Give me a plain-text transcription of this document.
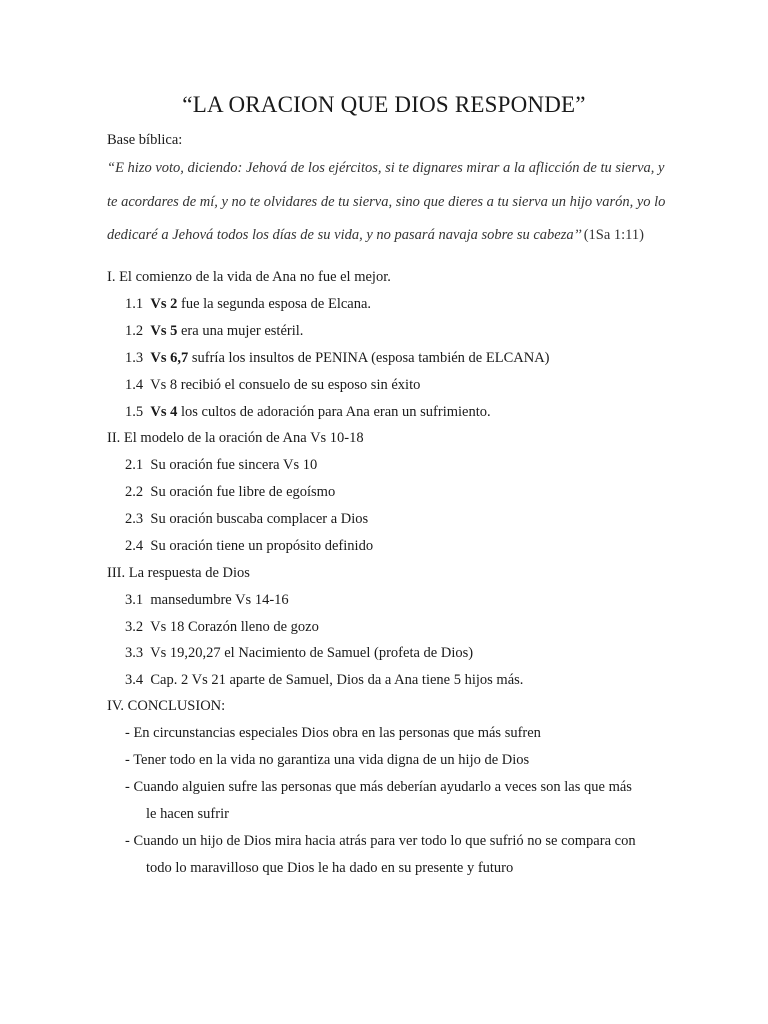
“LA ORACION QUE DIOS RESPONDE”
Base bíblica:
“E hizo voto, diciendo: Jehová de los ejércitos, si te dignares mirar a la aflicción de tu sierva, y
te acordares de mí, y no te olvidares de tu sierva, sino que dieres a tu sierva un hijo varón, yo lo
dedicaré a Jehová todos los días de su vida, y no pasará navaja sobre su cabeza’’ (1Sa 1:11)
I. El comienzo de la vida de Ana no fue el mejor.
1.1 Vs 2 fue la segunda esposa de Elcana.
1.2 Vs 5 era una mujer estéril.
1.3 Vs 6,7 sufría los insultos de PENINA (esposa también de ELCANA)
1.4 Vs 8 recibió el consuelo de su esposo sin éxito
1.5 Vs 4 los cultos de adoración para Ana eran un sufrimiento.
II. El modelo de la oración de Ana Vs 10-18
2.1 Su oración fue sincera Vs 10
2.2 Su oración fue libre de egoísmo
2.3 Su oración buscaba complacer a Dios
2.4 Su oración tiene un propósito definido
III. La respuesta de Dios
3.1 mansedumbre Vs 14-16
3.2 Vs 18 Corazón lleno de gozo
3.3 Vs 19,20,27 el Nacimiento de Samuel (profeta de Dios)
3.4 Cap. 2 Vs 21 aparte de Samuel, Dios da a Ana tiene 5 hijos más.
IV. CONCLUSION:
- En circunstancias especiales Dios obra en las personas que más sufren
- Tener todo en la vida no garantiza una vida digna de un hijo de Dios
- Cuando alguien sufre las personas que más deberían ayudarlo a veces son las que más
le hacen sufrir
- Cuando un hijo de Dios mira hacia atrás para ver todo lo que sufrió no se compara con
todo lo maravilloso que Dios le ha dado en su presente y futuro
